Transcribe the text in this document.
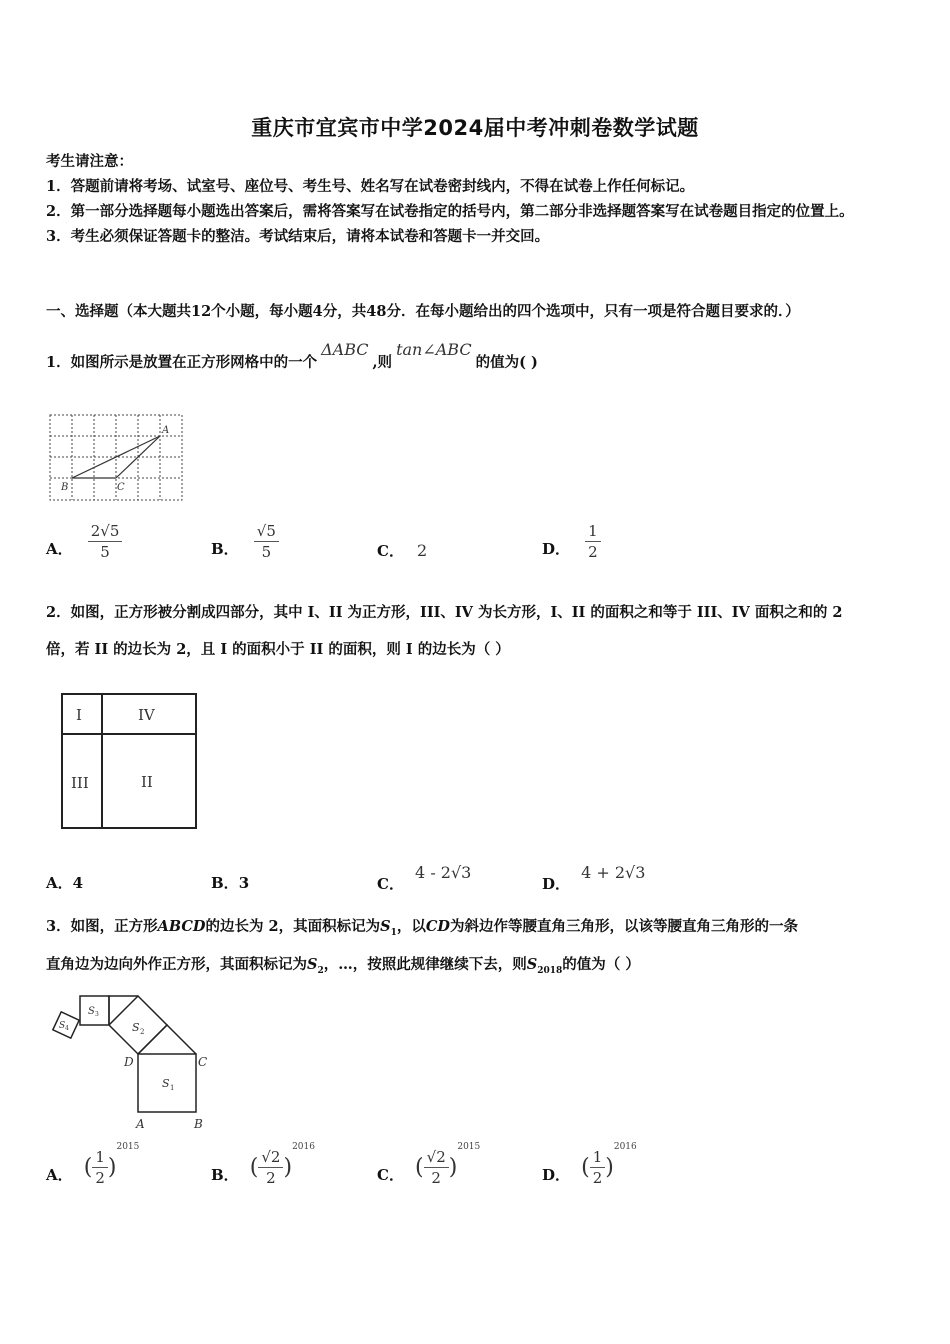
重庆市宜宾市中学2024届中考冲刺卷数学试题
考生请注意：
1．答题前请将考场、试室号、座位号、考生号、姓名写在试卷密封线内，不得在试卷上作任何标记。
2．第一部分选择题每小题选出答案后，需将答案写在试卷指定的括号内，第二部分非选择题答案写在试卷题目指定的位置上。
3．考生必须保证答题卡的整洁。考试结束后，请将本试卷和答题卡一并交回。
一、选择题（本大题共12个小题，每小题4分，共48分．在每小题给出的四个选项中，只有一项是符合题目要求的．）
1．如图所示是放置在正方形网格中的一个ΔABC,则tan∠ABC的值为( )
A
B	C
A． $\frac{2√5}{5}$	B． $\frac{√5}{5}$	C． 2	D． $\frac{1}{2}$
2．如图，正方形被分割成四部分，其中 I、II 为正方形，III、IV 为长方形，I、II 的面积之和等于 III、IV 面积之和的 2
倍，若 II 的边长为 2，且 I 的面积小于 II 的面积，则 I 的边长为（ ）
I	IV
III	II
A．4	B．3	C． 4 - 2√3
D． 4 + 2√3
3．如图，正方形ABCD的边长为 2，其面积标记为$S_1$，以CD为斜边作等腰直角三角形，以该等腰直角三角形的一条
直角边为边向外作正方形，其面积标记为$S_2$，…，按照此规律继续下去，则$S_{2018}$的值为（ ）
A	B
C
D
S 1
S 2
S 3
S 4
A． ( $\frac{1}{2} )^{2015}$
B． ( $\frac{√2}{2} )^{2016}$
C． ( $\frac{√2}{2} )^{2015}$
D． ( $\frac{1}{2} )^{2016}$
